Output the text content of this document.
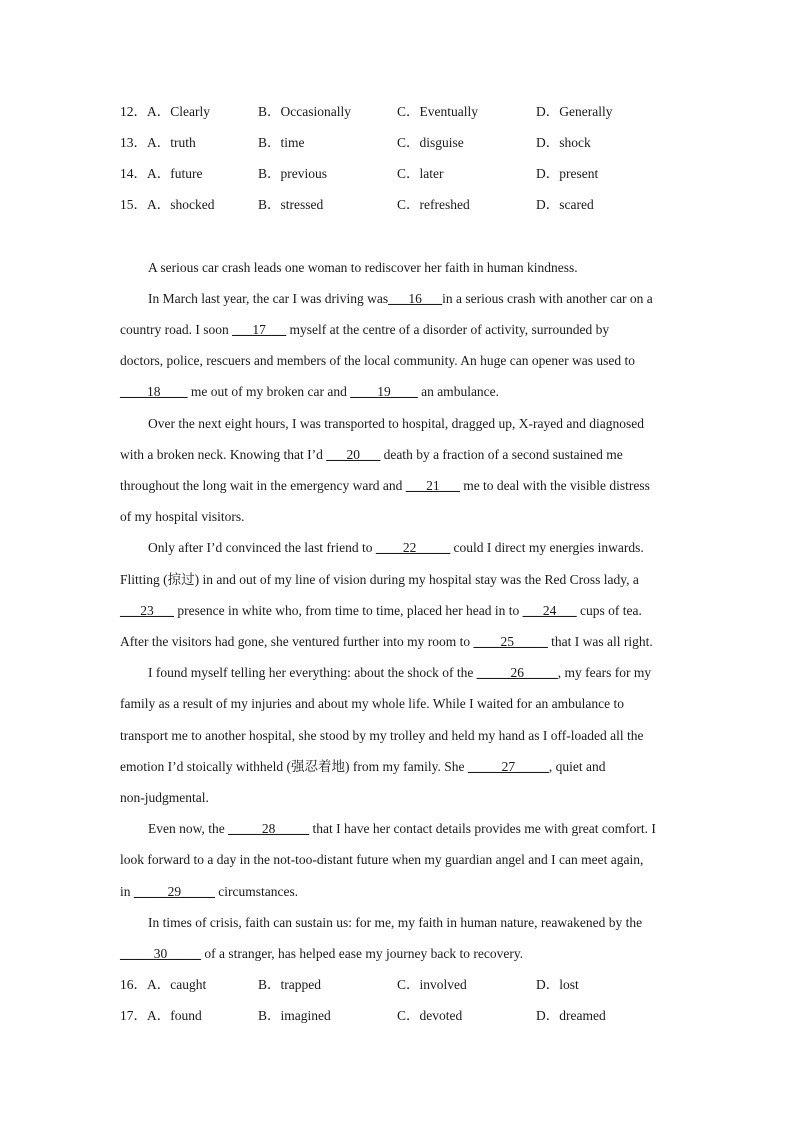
12．A．Clearly	B．Occasionally	C．Eventually	D．Generally
13．A．truth	B．time	C．disguise	D．shock
14．A．future	B．previous	C．later	D．present
15．A．shocked	B．stressed	C．refreshed	D．scared
A serious car crash leads one woman to rediscover her faith in human kindness.
In March last year, the car I was driving was___16___in a serious crash with another car on a
country road. I soon ___17___ myself at the centre of a disorder of activity, surrounded by
doctors, police, rescuers and members of the local community. An huge can opener was used to
____18____ me out of my broken car and ____19____ an ambulance.
Over the next eight hours, I was transported to hospital, dragged up, X-rayed and diagnosed
with a broken neck. Knowing that I’d ___20___ death by a fraction of a second sustained me
throughout the long wait in the emergency ward and ___21___ me to deal with the visible distress
of my hospital visitors.
Only after I’d convinced the last friend to ____22_____ could I direct my energies inwards.
Flitting (掠过) in and out of my line of vision during my hospital stay was the Red Cross lady, a
___23___ presence in white who, from time to time, placed her head in to ___24___ cups of tea.
After the visitors had gone, she ventured further into my room to ____25_____ that I was all right.
I found myself telling her everything: about the shock of the _____26_____, my fears for my
family as a result of my injuries and about my whole life. While I waited for an ambulance to
transport me to another hospital, she stood by my trolley and held my hand as I off-loaded all the
emotion I’d stoically withheld (强忍着地) from my family. She _____27_____, quiet and
non-judgmental.
Even now, the _____28_____ that I have her contact details provides me with great comfort. I
look forward to a day in the not-too-distant future when my guardian angel and I can meet again,
in _____29_____ circumstances.
In times of crisis, faith can sustain us: for me, my faith in human nature, reawakened by the
_____30_____ of a stranger, has helped ease my journey back to recovery.
16．A．caught	B．trapped	C．involved	D．lost
17．A．found	B．imagined	C．devoted	D．dreamed
